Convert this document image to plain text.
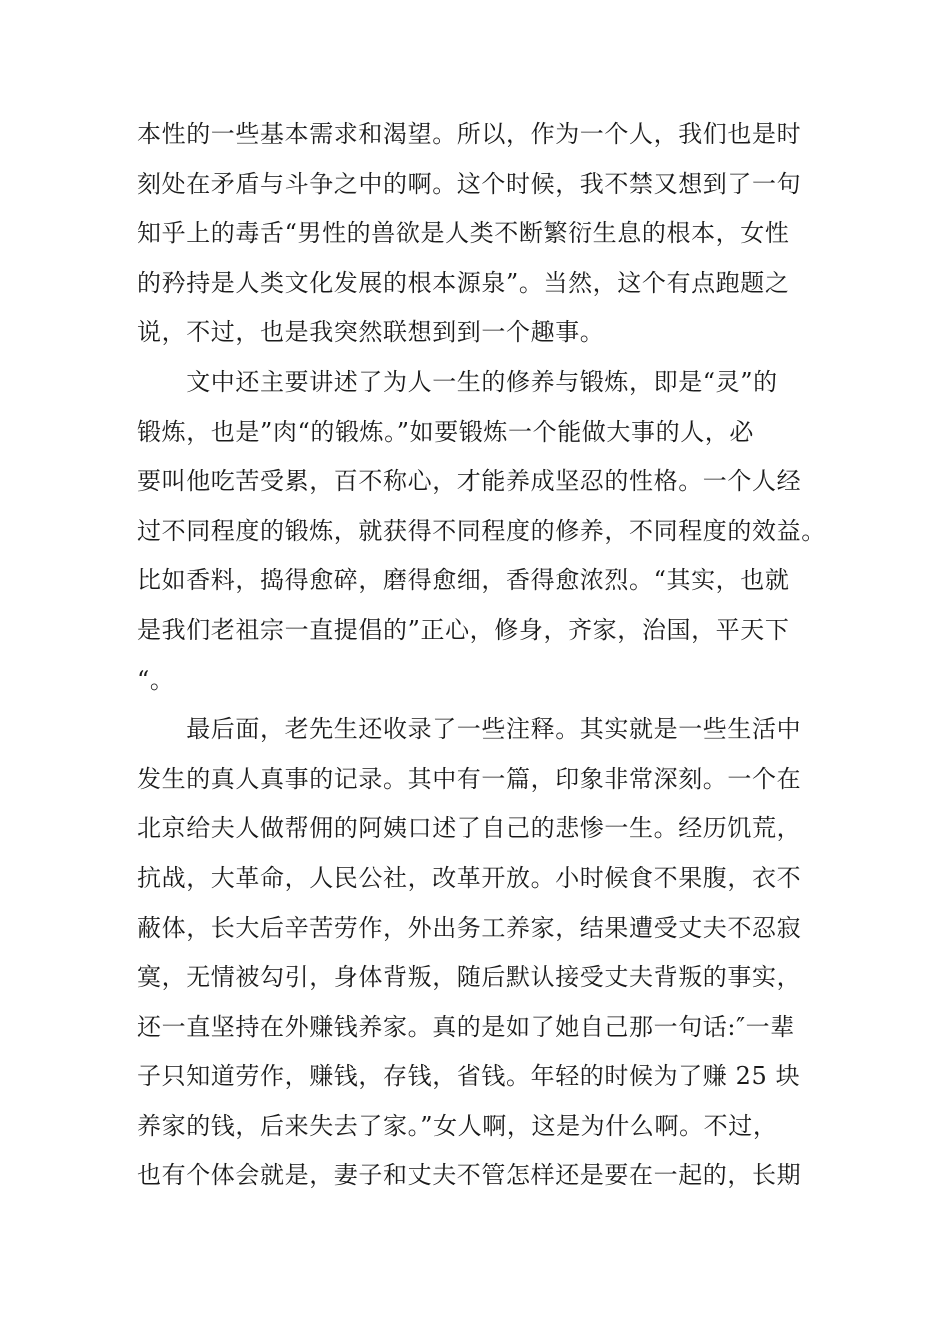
本性的一些基本需求和渴望。所以，作为一个人，我们也是时
刻处在矛盾与斗争之中的啊。这个时候，我不禁又想到了一句
知乎上的毒舌“男性的兽欲是人类不断繁衍生息的根本，女性
的矜持是人类文化发展的根本源泉”。当然，这个有点跑题之
说，不过，也是我突然联想到到一个趣事。
　　文中还主要讲述了为人一生的修养与锻炼，即是“灵”的
锻炼，也是”肉“的锻炼。”如要锻炼一个能做大事的人，必
要叫他吃苦受累，百不称心，才能养成坚忍的性格。一个人经
过不同程度的锻炼，就获得不同程度的修养，不同程度的效益。
比如香料，捣得愈碎，磨得愈细，香得愈浓烈。“其实，也就
是我们老祖宗一直提倡的”正心，修身，齐家，治国，平天下
“。
　　最后面，老先生还收录了一些注释。其实就是一些生活中
发生的真人真事的记录。其中有一篇，印象非常深刻。一个在
北京给夫人做帮佣的阿姨口述了自己的悲惨一生。经历饥荒，
抗战，大革命，人民公社，改革开放。小时候食不果腹，衣不
蔽体，长大后辛苦劳作，外出务工养家，结果遭受丈夫不忍寂
寞，无情被勾引，身体背叛，随后默认接受丈夫背叛的事实，
还一直坚持在外赚钱养家。真的是如了她自己那一句话:″一辈
子只知道劳作，赚钱，存钱，省钱。年轻的时候为了赚 25 块
养家的钱，后来失去了家。”女人啊，这是为什么啊。不过，
也有个体会就是，妻子和丈夫不管怎样还是要在一起的，长期
